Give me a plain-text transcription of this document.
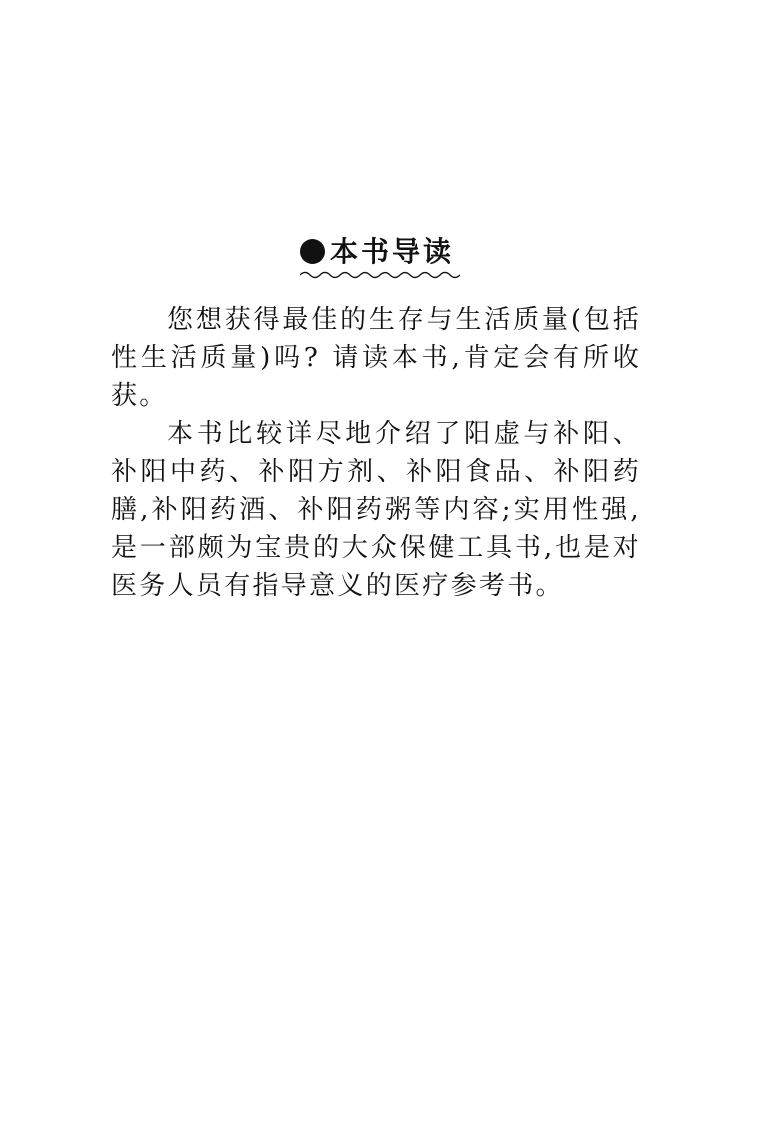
本书导读

您想获得最佳的生存与生活质量(包括性生活质量)吗? 请读本书,肯定会有所收获。

本书比较详尽地介绍了阳虚与补阳、补阳中药、补阳方剂、补阳食品、补阳药膳,补阳药酒、补阳药粥等内容;实用性强,是一部颇为宝贵的大众保健工具书,也是对医务人员有指导意义的医疗参考书。
